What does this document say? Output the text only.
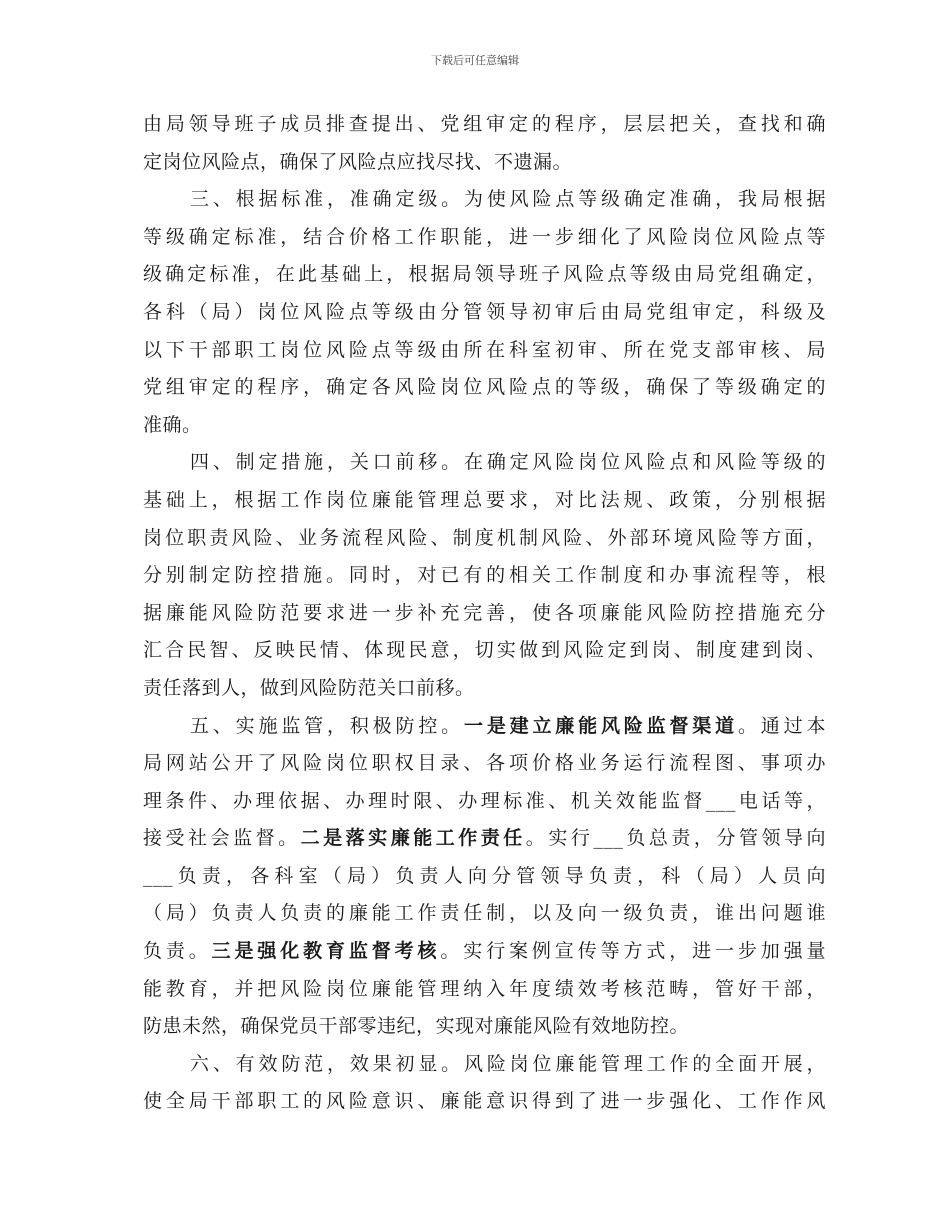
下载后可任意编辑
由局领导班子成员排查提出、党组审定的程序，层层把关，查找和确
定岗位风险点，确保了风险点应找尽找、不遗漏。
三、根据标准，准确定级。为使风险点等级确定准确，我局根据
等级确定标准，结合价格工作职能，进一步细化了风险岗位风险点等
级确定标准，在此基础上，根据局领导班子风险点等级由局党组确定，
各科（局）岗位风险点等级由分管领导初审后由局党组审定，科级及
以下干部职工岗位风险点等级由所在科室初审、所在党支部审核、局
党组审定的程序，确定各风险岗位风险点的等级，确保了等级确定的
准确。
四、制定措施，关口前移。在确定风险岗位风险点和风险等级的
基础上，根据工作岗位廉能管理总要求，对比法规、政策，分别根据
岗位职责风险、业务流程风险、制度机制风险、外部环境风险等方面，
分别制定防控措施。同时，对已有的相关工作制度和办事流程等，根
据廉能风险防范要求进一步补充完善，使各项廉能风险防控措施充分
汇合民智、反映民情、体现民意，切实做到风险定到岗、制度建到岗、
责任落到人，做到风险防范关口前移。
五、实施监管，积极防控。一是建立廉能风险监督渠道。通过本
局网站公开了风险岗位职权目录、各项价格业务运行流程图、事项办
理条件、办理依据、办理时限、办理标准、机关效能监督___电话等，
接受社会监督。二是落实廉能工作责任。实行___负总责，分管领导向
___负责，各科室（局）负责人向分管领导负责，科（局）人员向
（局）负责人负责的廉能工作责任制，以及向一级负责，谁出问题谁
负责。三是强化教育监督考核。实行案例宣传等方式，进一步加强量
能教育，并把风险岗位廉能管理纳入年度绩效考核范畴，管好干部，
防患未然，确保党员干部零违纪，实现对廉能风险有效地防控。
六、有效防范，效果初显。风险岗位廉能管理工作的全面开展，
使全局干部职工的风险意识、廉能意识得到了进一步强化、工作作风
